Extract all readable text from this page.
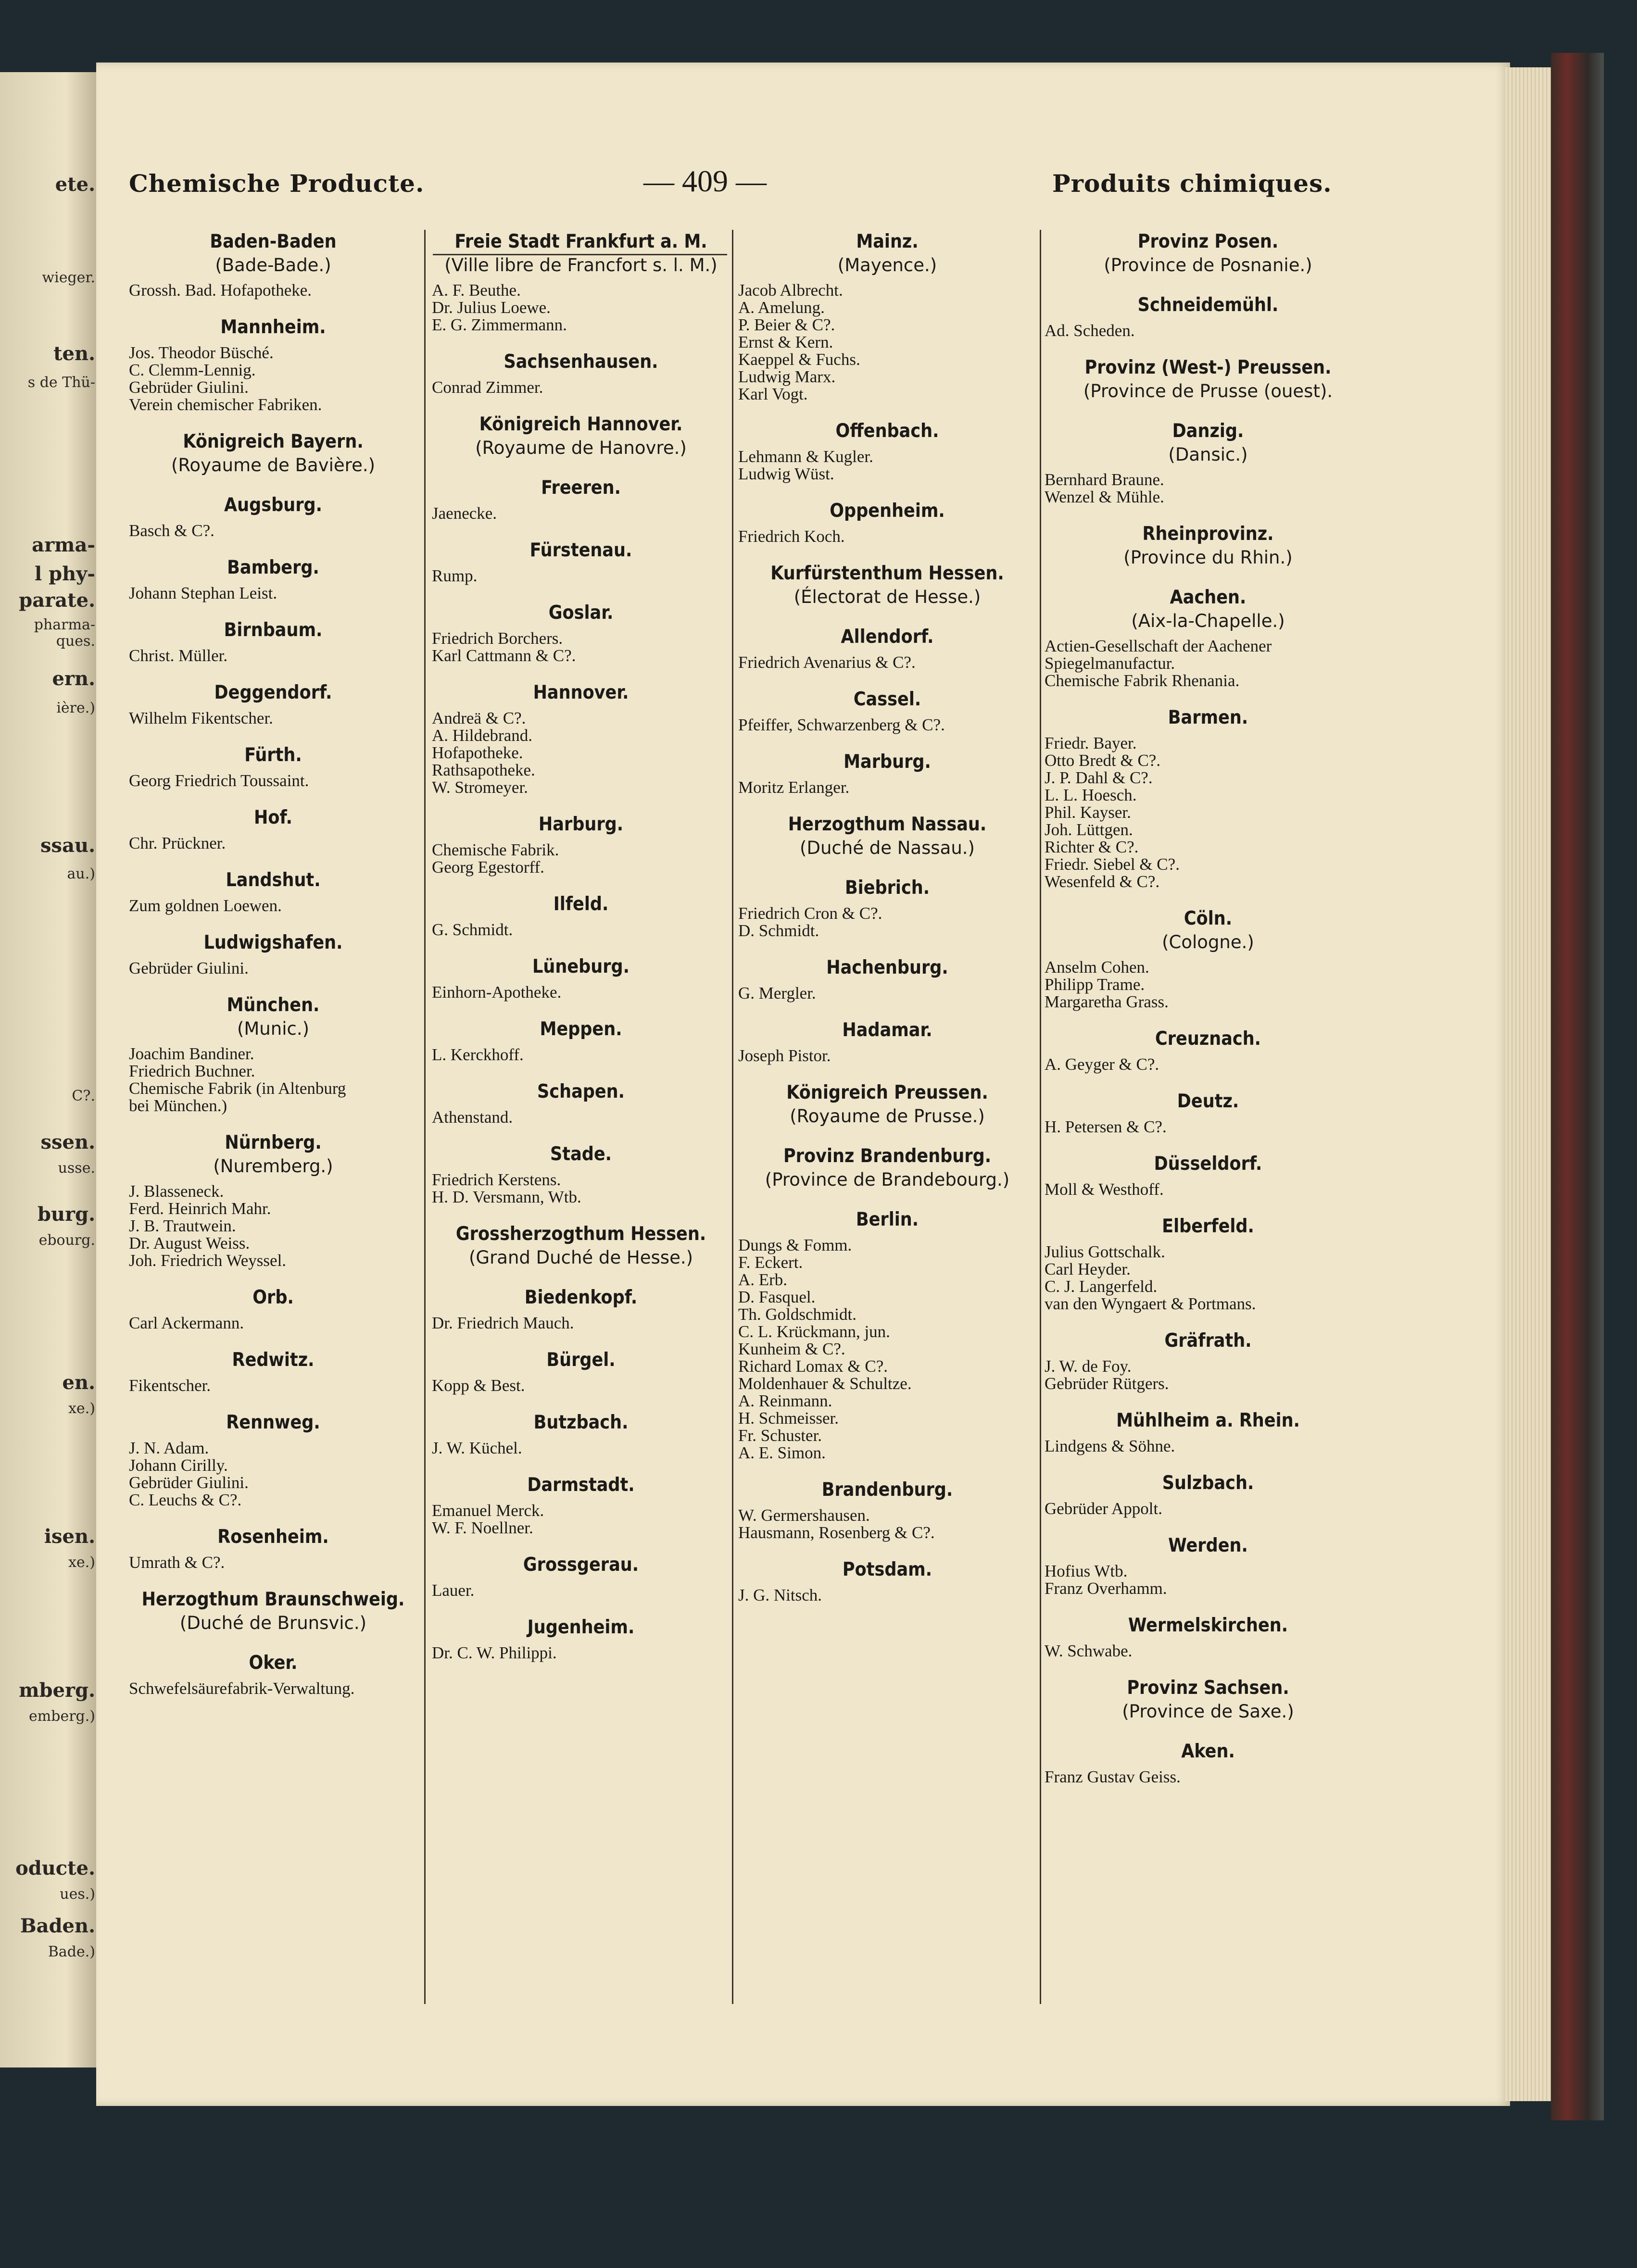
ete.
wieger.
ten.
s de Thü-
arma-
l phy-
parate.
pharma-
ques.
ern.
ière.)
ssau.
au.)
C?.
ssen.
usse.
burg.
ebourg.
en.
xe.)
isen.
xe.)
mberg.
emberg.)
oducte.
ues.)
Baden.
Bade.)
Chemische Producte.	— 409 —	Produits chimiques.
Baden-Baden
(Bade-Bade.)
Grossh. Bad. Hofapotheke.
Mannheim.
Jos. Theodor Büsché.
C. Clemm-Lennig.
Gebrüder Giulini.
Verein chemischer Fabriken.
Königreich Bayern.
(Royaume de Bavière.)
Augsburg.
Basch & C?.
Bamberg.
Johann Stephan Leist.
Birnbaum.
Christ. Müller.
Deggendorf.
Wilhelm Fikentscher.
Fürth.
Georg Friedrich Toussaint.
Hof.
Chr. Prückner.
Landshut.
Zum goldnen Loewen.
Ludwigshafen.
Gebrüder Giulini.
München.
(Munic.)
Joachim Bandiner.
Friedrich Buchner.
Chemische Fabrik (in Altenburg
bei München.)
Nürnberg.
(Nuremberg.)
J. Blasseneck.
Ferd. Heinrich Mahr.
J. B. Trautwein.
Dr. August Weiss.
Joh. Friedrich Weyssel.
Orb.
Carl Ackermann.
Redwitz.
Fikentscher.
Rennweg.
J. N. Adam.
Johann Cirilly.
Gebrüder Giulini.
C. Leuchs & C?.
Rosenheim.
Umrath & C?.
Herzogthum Braunschweig.
(Duché de Brunsvic.)
Oker.
Schwefelsäurefabrik-Verwaltung.
Freie Stadt Frankfurt a. M.
(Ville libre de Francfort s. l. M.)
A. F. Beuthe.
Dr. Julius Loewe.
E. G. Zimmermann.
Sachsenhausen.
Conrad Zimmer.
Königreich Hannover.
(Royaume de Hanovre.)
Freeren.
Jaenecke.
Fürstenau.
Rump.
Goslar.
Friedrich Borchers.
Karl Cattmann & C?.
Hannover.
Andreä & C?.
A. Hildebrand.
Hofapotheke.
Rathsapotheke.
W. Stromeyer.
Harburg.
Chemische Fabrik.
Georg Egestorff.
Ilfeld.
G. Schmidt.
Lüneburg.
Einhorn-Apotheke.
Meppen.
L. Kerckhoff.
Schapen.
Athenstand.
Stade.
Friedrich Kerstens.
H. D. Versmann, Wtb.
Grossherzogthum Hessen.
(Grand Duché de Hesse.)
Biedenkopf.
Dr. Friedrich Mauch.
Bürgel.
Kopp & Best.
Butzbach.
J. W. Küchel.
Darmstadt.
Emanuel Merck.
W. F. Noellner.
Grossgerau.
Lauer.
Jugenheim.
Dr. C. W. Philippi.
Mainz.
(Mayence.)
Jacob Albrecht.
A. Amelung.
P. Beier & C?.
Ernst & Kern.
Kaeppel & Fuchs.
Ludwig Marx.
Karl Vogt.
Offenbach.
Lehmann & Kugler.
Ludwig Wüst.
Oppenheim.
Friedrich Koch.
Kurfürstenthum Hessen.
(Électorat de Hesse.)
Allendorf.
Friedrich Avenarius & C?.
Cassel.
Pfeiffer, Schwarzenberg & C?.
Marburg.
Moritz Erlanger.
Herzogthum Nassau.
(Duché de Nassau.)
Biebrich.
Friedrich Cron & C?.
D. Schmidt.
Hachenburg.
G. Mergler.
Hadamar.
Joseph Pistor.
Königreich Preussen.
(Royaume de Prusse.)
Provinz Brandenburg.
(Province de Brandebourg.)
Berlin.
Dungs & Fomm.
F. Eckert.
A. Erb.
D. Fasquel.
Th. Goldschmidt.
C. L. Krückmann, jun.
Kunheim & C?.
Richard Lomax & C?.
Moldenhauer & Schultze.
A. Reinmann.
H. Schmeisser.
Fr. Schuster.
A. E. Simon.
Brandenburg.
W. Germershausen.
Hausmann, Rosenberg & C?.
Potsdam.
J. G. Nitsch.
Provinz Posen.
(Province de Posnanie.)
Schneidemühl.
Ad. Scheden.
Provinz (West-) Preussen.
(Province de Prusse (ouest).
Danzig.
(Dansic.)
Bernhard Braune.
Wenzel & Mühle.
Rheinprovinz.
(Province du Rhin.)
Aachen.
(Aix-la-Chapelle.)
Actien-Gesellschaft der Aachener
Spiegelmanufactur.
Chemische Fabrik Rhenania.
Barmen.
Friedr. Bayer.
Otto Bredt & C?.
J. P. Dahl & C?.
L. L. Hoesch.
Phil. Kayser.
Joh. Lüttgen.
Richter & C?.
Friedr. Siebel & C?.
Wesenfeld & C?.
Cöln.
(Cologne.)
Anselm Cohen.
Philipp Trame.
Margaretha Grass.
Creuznach.
A. Geyger & C?.
Deutz.
H. Petersen & C?.
Düsseldorf.
Moll & Westhoff.
Elberfeld.
Julius Gottschalk.
Carl Heyder.
C. J. Langerfeld.
van den Wyngaert & Portmans.
Gräfrath.
J. W. de Foy.
Gebrüder Rütgers.
Mühlheim a. Rhein.
Lindgens & Söhne.
Sulzbach.
Gebrüder Appolt.
Werden.
Hofius Wtb.
Franz Overhamm.
Wermelskirchen.
W. Schwabe.
Provinz Sachsen.
(Province de Saxe.)
Aken.
Franz Gustav Geiss.
